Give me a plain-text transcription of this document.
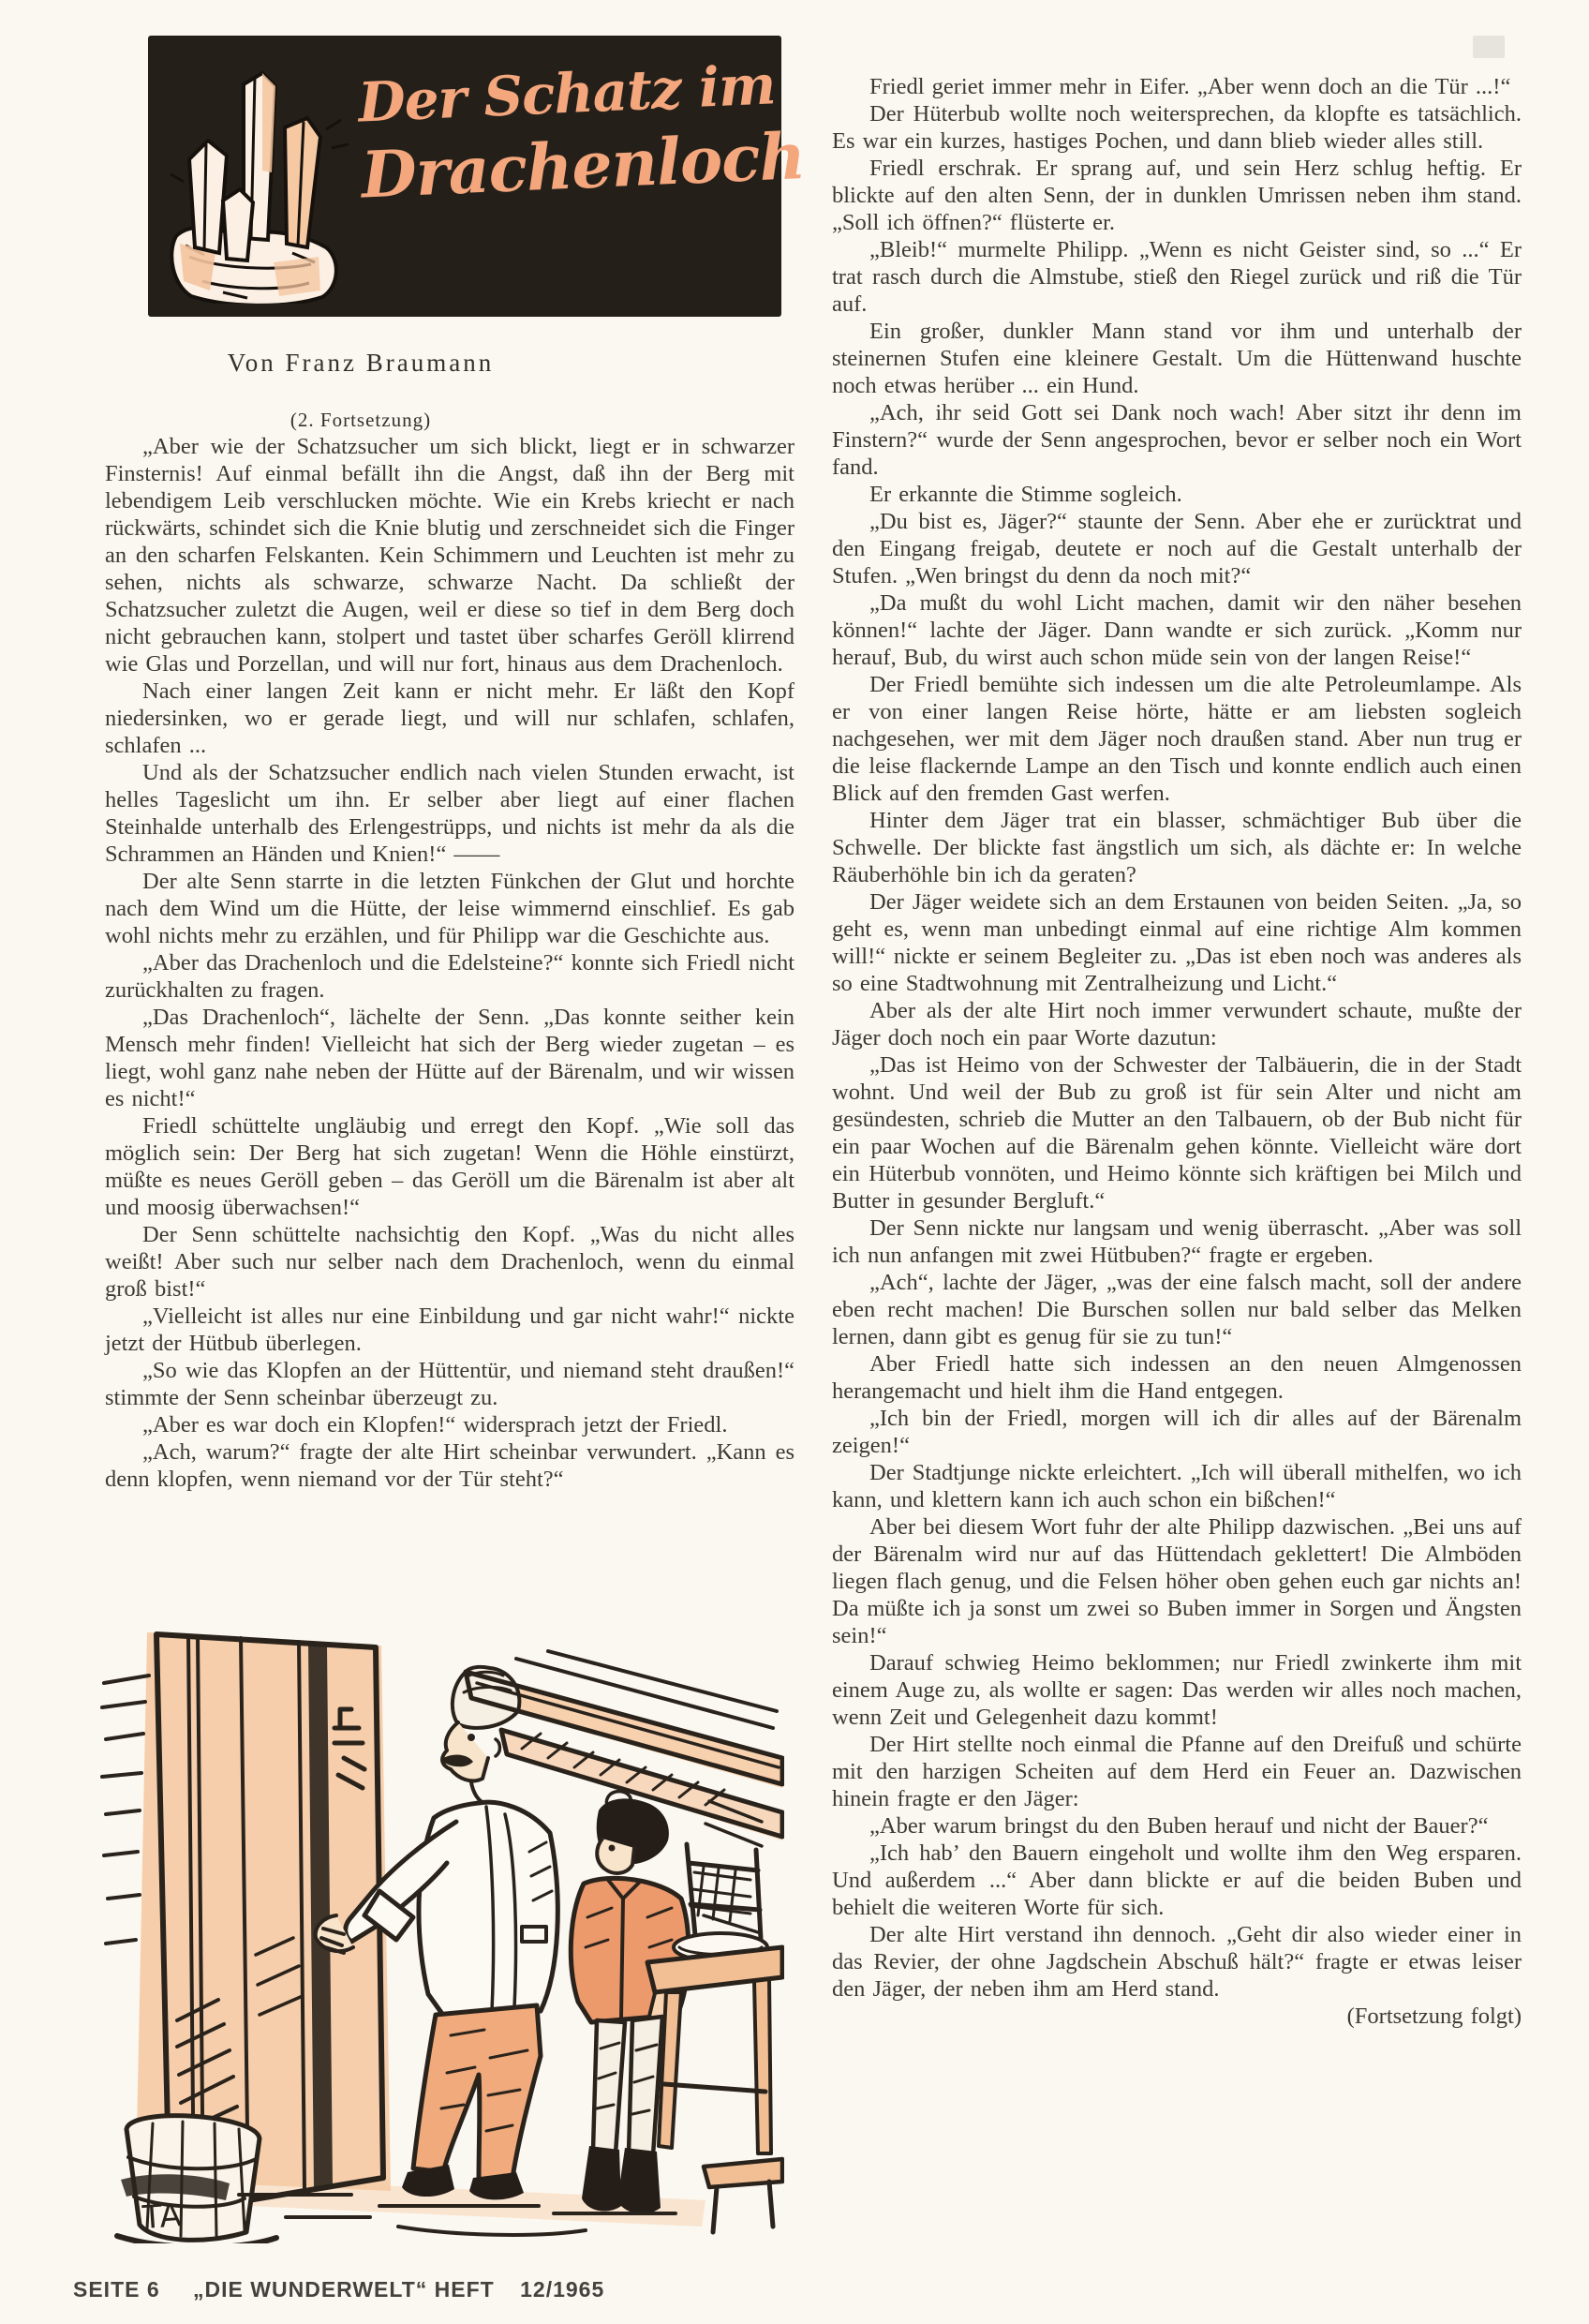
Der Schatz im
Drachenloch
Von Franz Braumann
(2. Fortsetzung)

„Aber wie der Schatzsucher um sich blickt, liegt er in schwarzer Finsternis! Auf einmal befällt ihn die Angst, daß ihn der Berg mit lebendigem Leib verschlucken möchte. Wie ein Krebs kriecht er nach rückwärts, schindet sich die Knie blutig und zerschneidet sich die Finger an den scharfen Felskanten. Kein Schimmern und Leuchten ist mehr zu sehen, nichts als schwarze, schwarze Nacht. Da schließt der Schatzsucher zuletzt die Augen, weil er diese so tief in dem Berg doch nicht gebrauchen kann, stolpert und tastet über scharfes Geröll klirrend wie Glas und Porzellan, und will nur fort, hinaus aus dem Drachenloch.

Nach einer langen Zeit kann er nicht mehr. Er läßt den Kopf niedersinken, wo er gerade liegt, und will nur schlafen, schlafen, schlafen ...

Und als der Schatzsucher endlich nach vielen Stunden erwacht, ist helles Tageslicht um ihn. Er selber aber liegt auf einer flachen Steinhalde unterhalb des Erlengestrüpps, und nichts ist mehr da als die Schrammen an Händen und Knien!“ ——

Der alte Senn starrte in die letzten Fünkchen der Glut und horchte nach dem Wind um die Hütte, der leise wimmernd einschlief. Es gab wohl nichts mehr zu erzählen, und für Philipp war die Geschichte aus.

„Aber das Drachenloch und die Edelsteine?“ konnte sich Friedl nicht zurückhalten zu fragen.

„Das Drachenloch“, lächelte der Senn. „Das konnte seither kein Mensch mehr finden! Vielleicht hat sich der Berg wieder zugetan – es liegt, wohl ganz nahe neben der Hütte auf der Bärenalm, und wir wissen es nicht!“

Friedl schüttelte ungläubig und erregt den Kopf. „Wie soll das möglich sein: Der Berg hat sich zugetan! Wenn die Höhle einstürzt, müßte es neues Geröll geben – das Geröll um die Bärenalm ist aber alt und moosig überwachsen!“

Der Senn schüttelte nachsichtig den Kopf. „Was du nicht alles weißt! Aber such nur selber nach dem Drachenloch, wenn du einmal groß bist!“

„Vielleicht ist alles nur eine Einbildung und gar nicht wahr!“ nickte jetzt der Hütbub überlegen.

„So wie das Klopfen an der Hüttentür, und niemand steht draußen!“ stimmte der Senn scheinbar überzeugt zu.

„Aber es war doch ein Klopfen!“ widersprach jetzt der Friedl.

„Ach, warum?“ fragte der alte Hirt scheinbar verwundert. „Kann es denn klopfen, wenn niemand vor der Tür steht?“

Friedl geriet immer mehr in Eifer. „Aber wenn doch an die Tür ...!“

Der Hüterbub wollte noch weitersprechen, da klopfte es tatsächlich. Es war ein kurzes, hastiges Pochen, und dann blieb wieder alles still.

Friedl erschrak. Er sprang auf, und sein Herz schlug heftig. Er blickte auf den alten Senn, der in dunklen Umrissen neben ihm stand. „Soll ich öffnen?“ flüsterte er.

„Bleib!“ murmelte Philipp. „Wenn es nicht Geister sind, so ...“ Er trat rasch durch die Almstube, stieß den Riegel zurück und riß die Tür auf.

Ein großer, dunkler Mann stand vor ihm und unterhalb der steinernen Stufen eine kleinere Gestalt. Um die Hüttenwand huschte noch etwas herüber ... ein Hund.

„Ach, ihr seid Gott sei Dank noch wach! Aber sitzt ihr denn im Finstern?“ wurde der Senn angesprochen, bevor er selber noch ein Wort fand.

Er erkannte die Stimme sogleich.

„Du bist es, Jäger?“ staunte der Senn. Aber ehe er zurücktrat und den Eingang freigab, deutete er noch auf die Gestalt unterhalb der Stufen. „Wen bringst du denn da noch mit?“

„Da mußt du wohl Licht machen, damit wir den näher besehen können!“ lachte der Jäger. Dann wandte er sich zurück. „Komm nur herauf, Bub, du wirst auch schon müde sein von der langen Reise!“

Der Friedl bemühte sich indessen um die alte Petroleumlampe. Als er von einer langen Reise hörte, hätte er am liebsten sogleich nachgesehen, wer mit dem Jäger noch draußen stand. Aber nun trug er die leise flackernde Lampe an den Tisch und konnte endlich auch einen Blick auf den fremden Gast werfen.

Hinter dem Jäger trat ein blasser, schmächtiger Bub über die Schwelle. Der blickte fast ängstlich um sich, als dächte er: In welche Räuberhöhle bin ich da geraten?

Der Jäger weidete sich an dem Erstaunen von beiden Seiten. „Ja, so geht es, wenn man unbedingt einmal auf eine richtige Alm kommen will!“ nickte er seinem Begleiter zu. „Das ist eben noch was anderes als so eine Stadtwohnung mit Zentralheizung und Licht.“

Aber als der alte Hirt noch immer verwundert schaute, mußte der Jäger doch noch ein paar Worte dazutun:

„Das ist Heimo von der Schwester der Talbäuerin, die in der Stadt wohnt. Und weil der Bub zu groß ist für sein Alter und nicht am gesündesten, schrieb die Mutter an den Talbauern, ob der Bub nicht für ein paar Wochen auf die Bärenalm gehen könnte. Vielleicht wäre dort ein Hüterbub vonnöten, und Heimo könnte sich kräftigen bei Milch und Butter in gesunder Bergluft.“

Der Senn nickte nur langsam und wenig überrascht. „Aber was soll ich nun anfangen mit zwei Hütbuben?“ fragte er ergeben.

„Ach“, lachte der Jäger, „was der eine falsch macht, soll der andere eben recht machen! Die Burschen sollen nur bald selber das Melken lernen, dann gibt es genug für sie zu tun!“

Aber Friedl hatte sich indessen an den neuen Almgenossen herangemacht und hielt ihm die Hand entgegen.

„Ich bin der Friedl, morgen will ich dir alles auf der Bärenalm zeigen!“

Der Stadtjunge nickte erleichtert. „Ich will überall mithelfen, wo ich kann, und klettern kann ich auch schon ein bißchen!“

Aber bei diesem Wort fuhr der alte Philipp dazwischen. „Bei uns auf der Bärenalm wird nur auf das Hüttendach geklettert! Die Almböden liegen flach genug, und die Felsen höher oben gehen euch gar nichts an! Da müßte ich ja sonst um zwei so Buben immer in Sorgen und Ängsten sein!“

Darauf schwieg Heimo beklommen; nur Friedl zwinkerte ihm mit einem Auge zu, als wollte er sagen: Das werden wir alles noch machen, wenn Zeit und Gelegenheit dazu kommt!

Der Hirt stellte noch einmal die Pfanne auf den Dreifuß und schürte mit den harzigen Scheiten auf dem Herd ein Feuer an. Dazwischen hinein fragte er den Jäger:

„Aber warum bringst du den Buben herauf und nicht der Bauer?“

„Ich hab’ den Bauern eingeholt und wollte ihm den Weg ersparen. Und außerdem ...“ Aber dann blickte er auf die beiden Buben und behielt die weiteren Worte für sich.

Der alte Hirt verstand ihn dennoch. „Geht dir also wieder einer in das Revier, der ohne Jagdschein Abschuß hält?“ fragte er etwas leiser den Jäger, der neben ihm am Herd stand.

(Fortsetzung folgt)

TA
SEITE 6 „DIE WUNDERWELT“ HEFT 12/1965
